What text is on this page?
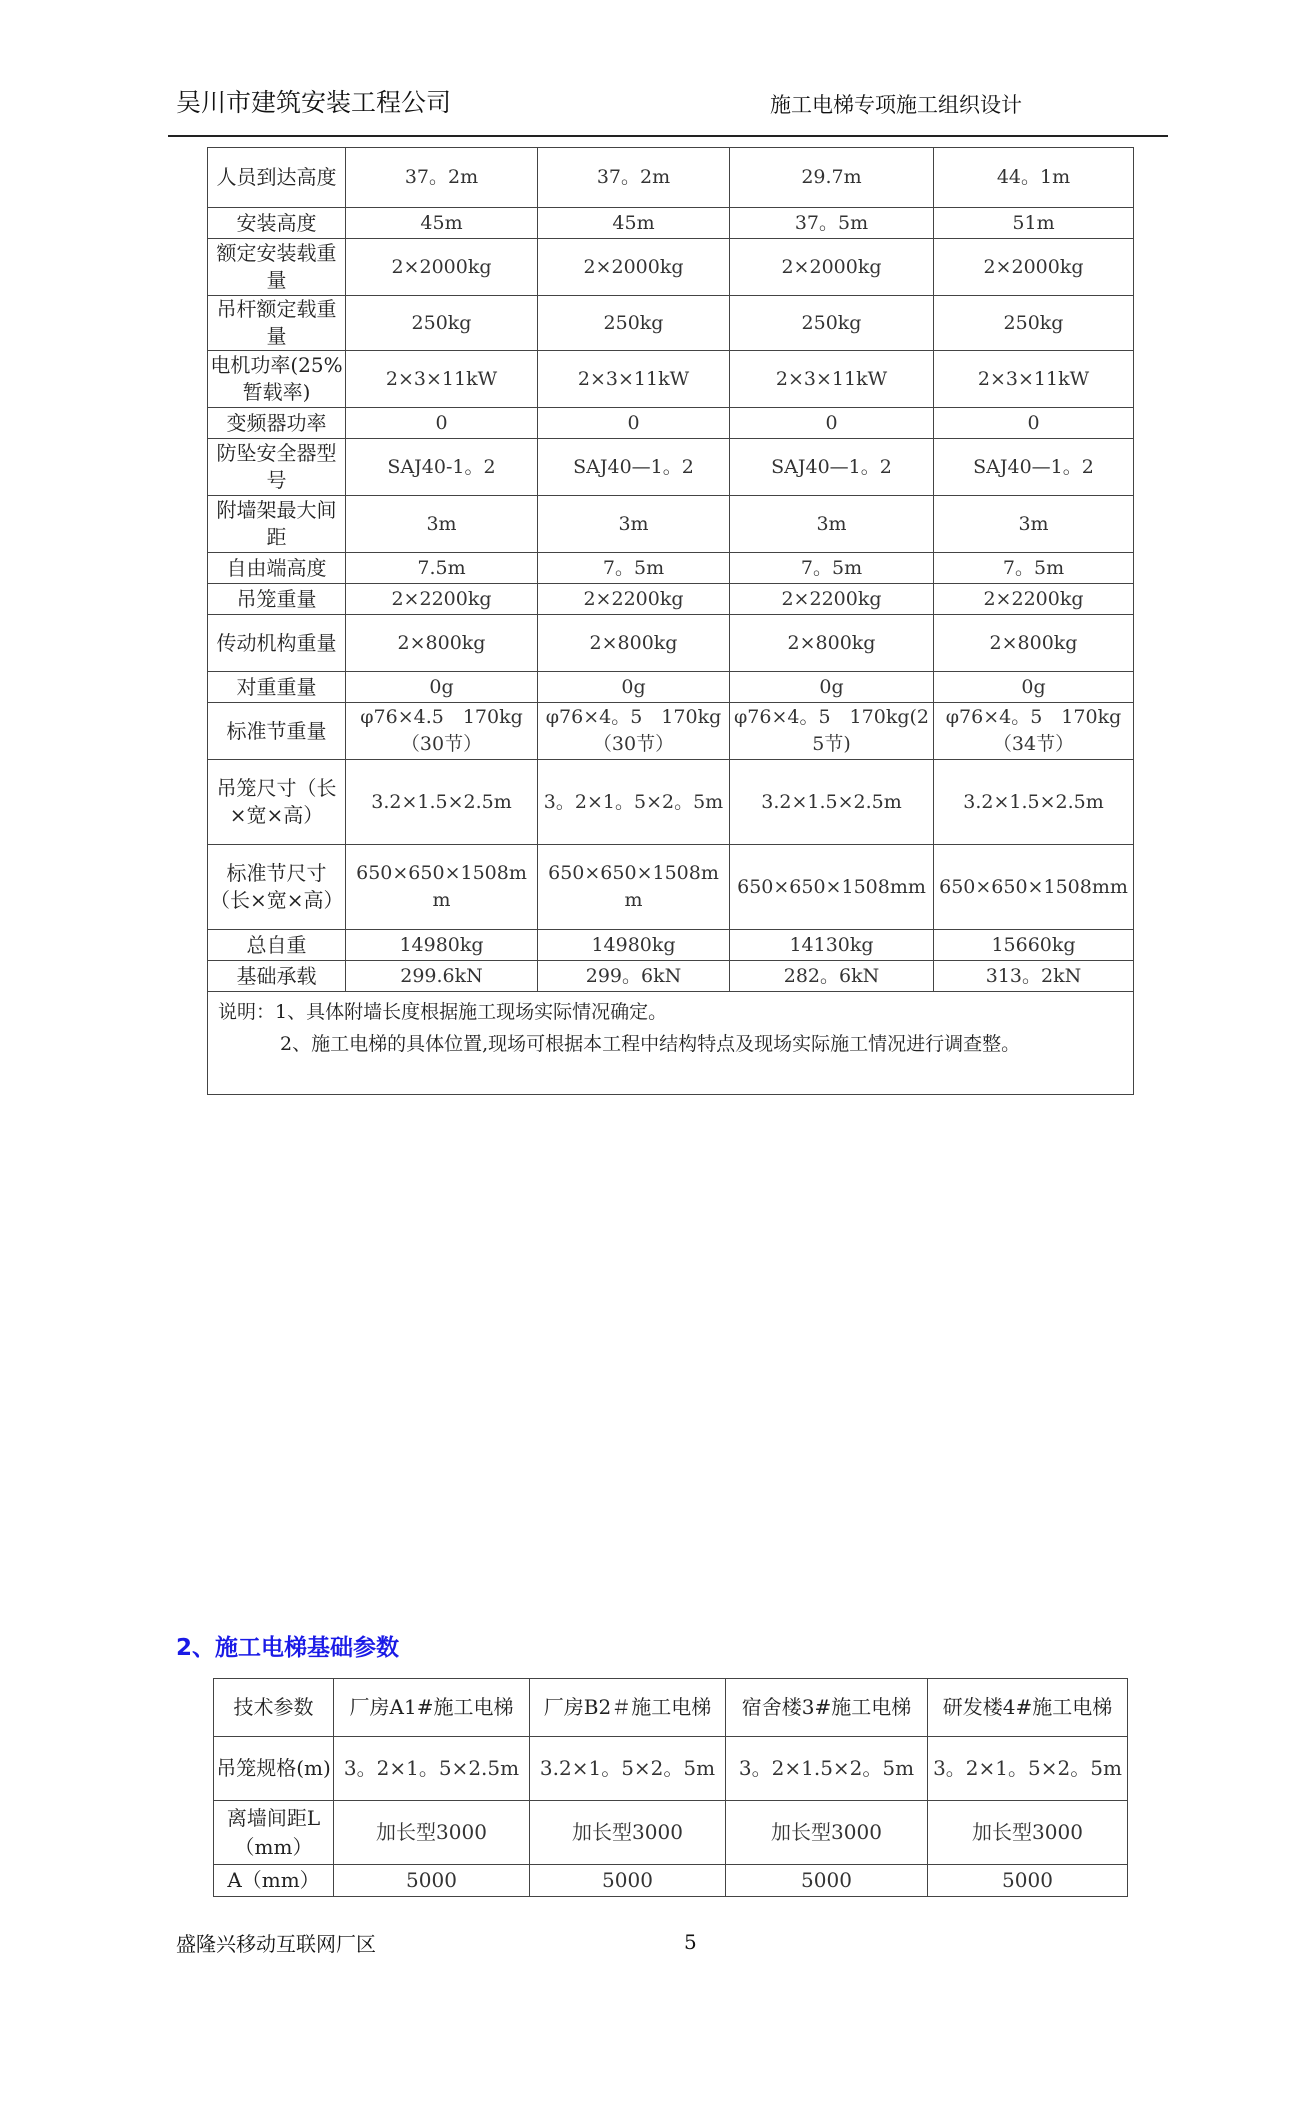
吴川市建筑安装工程公司	施工电梯专项施工组织设计
人员到达高度	37。2m	37。2m	29.7m	44。1m
安装高度	45m	45m	37。5m	51m
额定安装载重量	2×2000kg	2×2000kg	2×2000kg	2×2000kg
吊杆额定载重量	250kg	250kg	250kg	250kg
电机功率(25%暂载率)	2×3×11kW	2×3×11kW	2×3×11kW	2×3×11kW
变频器功率	0	0	0	0
防坠安全器型号	SAJ40-1。2	SAJ40—1。2	SAJ40—1。2	SAJ40—1。2
附墙架最大间距	3m	3m	3m	3m
自由端高度	7.5m	7。5m	7。5m	7。5m
吊笼重量	2×2200kg	2×2200kg	2×2200kg	2×2200kg
传动机构重量	2×800kg	2×800kg	2×800kg	2×800kg
对重重量	0g	0g	0g	0g
标准节重量	φ76×4.5　170kg（30节）	φ76×4。5　170kg（30节）	φ76×4。5　170kg(25节)	φ76×4。5　170kg（34节）
吊笼尺寸（长×宽×高）	3.2×1.5×2.5m	3。2×1。5×2。5m	3.2×1.5×2.5m	3.2×1.5×2.5m
标准节尺寸（长×宽×高）	650×650×1508mm	650×650×1508mm	650×650×1508mm	650×650×1508mm
总自重	14980kg	14980kg	14130kg	15660kg
基础承载	299.6kN	299。6kN	282。6kN	313。2kN

说明：1、具体附墙长度根据施工现场实际情况确定。
2、施工电梯的具体位置,现场可根据本工程中结构特点及现场实际施工情况进行调查整。				
2、施工电梯基础参数
技术参数	厂房A1#施工电梯	厂房B2＃施工电梯	宿舍楼3#施工电梯	研发楼4#施工电梯
吊笼规格(m)	3。2×1。5×2.5m	3.2×1。5×2。5m	3。2×1.5×2。5m	3。2×1。5×2。5m
离墙间距L（mm）	加长型3000	加长型3000	加长型3000	加长型3000
A（mm）	5000	5000	5000	5000
盛隆兴移动互联网厂区	5
